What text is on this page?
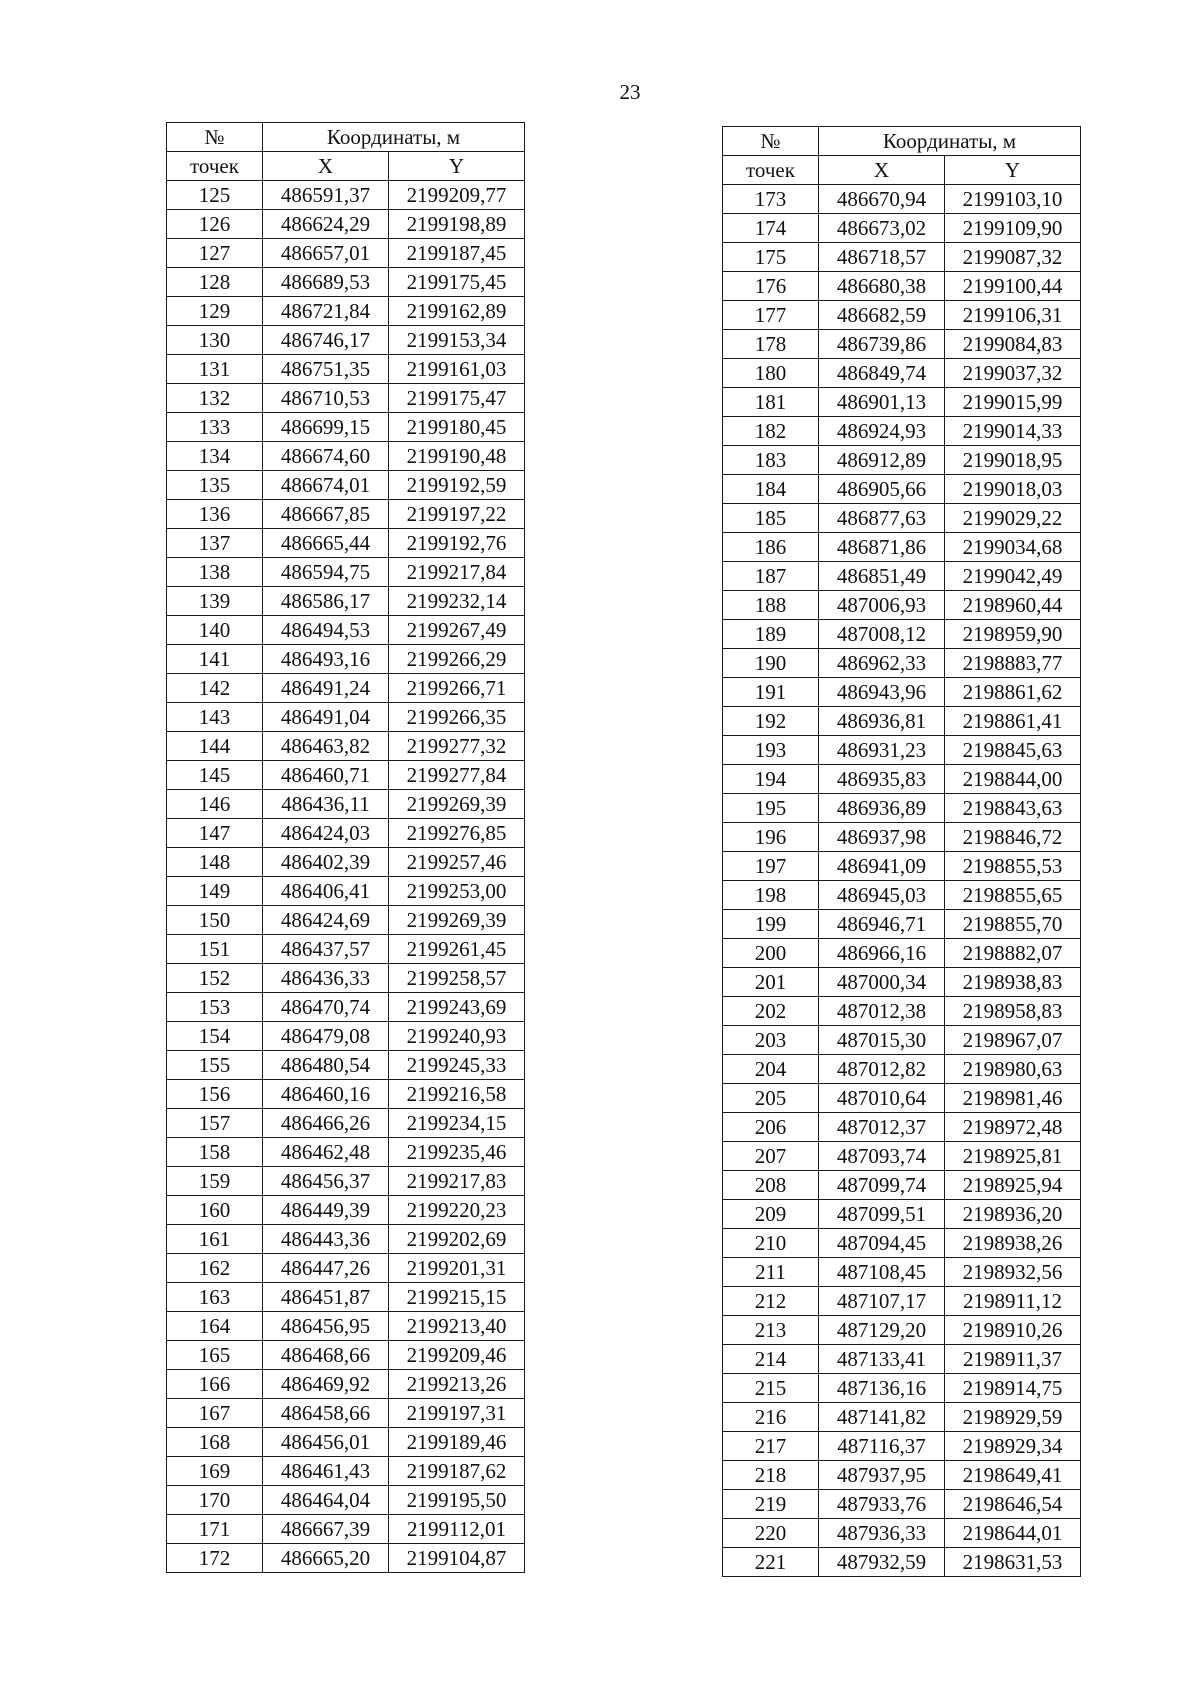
23
№	Координаты, м	
точек	X	Y
125	486591,37	2199209,77
126	486624,29	2199198,89
127	486657,01	2199187,45
128	486689,53	2199175,45
129	486721,84	2199162,89
130	486746,17	2199153,34
131	486751,35	2199161,03
132	486710,53	2199175,47
133	486699,15	2199180,45
134	486674,60	2199190,48
135	486674,01	2199192,59
136	486667,85	2199197,22
137	486665,44	2199192,76
138	486594,75	2199217,84
139	486586,17	2199232,14
140	486494,53	2199267,49
141	486493,16	2199266,29
142	486491,24	2199266,71
143	486491,04	2199266,35
144	486463,82	2199277,32
145	486460,71	2199277,84
146	486436,11	2199269,39
147	486424,03	2199276,85
148	486402,39	2199257,46
149	486406,41	2199253,00
150	486424,69	2199269,39
151	486437,57	2199261,45
152	486436,33	2199258,57
153	486470,74	2199243,69
154	486479,08	2199240,93
155	486480,54	2199245,33
156	486460,16	2199216,58
157	486466,26	2199234,15
158	486462,48	2199235,46
159	486456,37	2199217,83
160	486449,39	2199220,23
161	486443,36	2199202,69
162	486447,26	2199201,31
163	486451,87	2199215,15
164	486456,95	2199213,40
165	486468,66	2199209,46
166	486469,92	2199213,26
167	486458,66	2199197,31
168	486456,01	2199189,46
169	486461,43	2199187,62
170	486464,04	2199195,50
171	486667,39	2199112,01
172	486665,20	2199104,87
№	Координаты, м	
точек	X	Y
173	486670,94	2199103,10
174	486673,02	2199109,90
175	486718,57	2199087,32
176	486680,38	2199100,44
177	486682,59	2199106,31
178	486739,86	2199084,83
180	486849,74	2199037,32
181	486901,13	2199015,99
182	486924,93	2199014,33
183	486912,89	2199018,95
184	486905,66	2199018,03
185	486877,63	2199029,22
186	486871,86	2199034,68
187	486851,49	2199042,49
188	487006,93	2198960,44
189	487008,12	2198959,90
190	486962,33	2198883,77
191	486943,96	2198861,62
192	486936,81	2198861,41
193	486931,23	2198845,63
194	486935,83	2198844,00
195	486936,89	2198843,63
196	486937,98	2198846,72
197	486941,09	2198855,53
198	486945,03	2198855,65
199	486946,71	2198855,70
200	486966,16	2198882,07
201	487000,34	2198938,83
202	487012,38	2198958,83
203	487015,30	2198967,07
204	487012,82	2198980,63
205	487010,64	2198981,46
206	487012,37	2198972,48
207	487093,74	2198925,81
208	487099,74	2198925,94
209	487099,51	2198936,20
210	487094,45	2198938,26
211	487108,45	2198932,56
212	487107,17	2198911,12
213	487129,20	2198910,26
214	487133,41	2198911,37
215	487136,16	2198914,75
216	487141,82	2198929,59
217	487116,37	2198929,34
218	487937,95	2198649,41
219	487933,76	2198646,54
220	487936,33	2198644,01
221	487932,59	2198631,53
